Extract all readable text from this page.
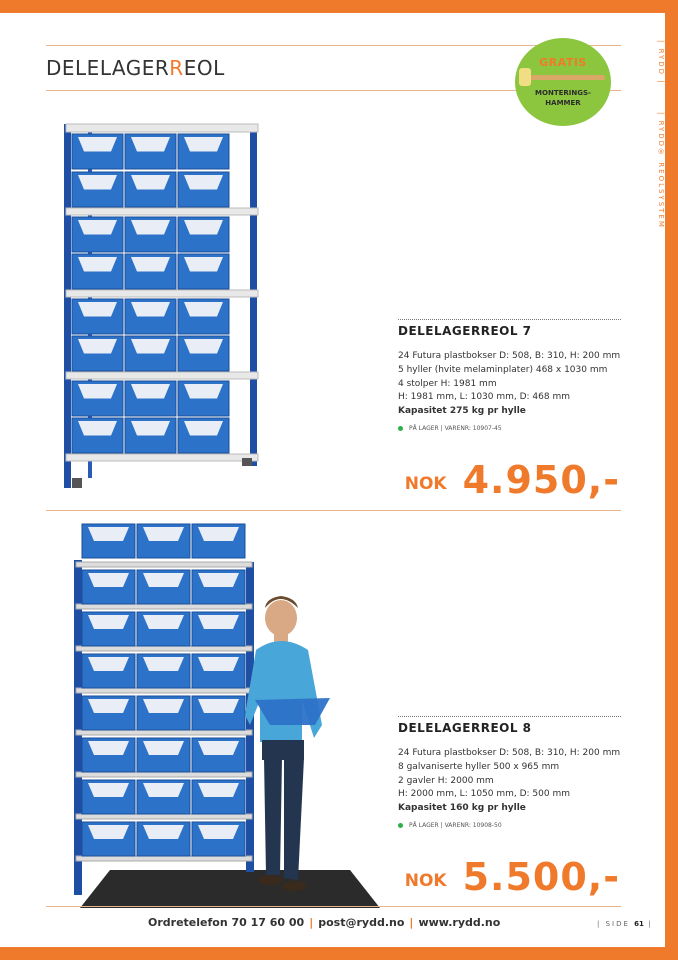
DELELAGERREOL	GRATIS
MONTERINGS-
HAMMER
| RYDD |
| RYDD® REOLSYSTEM
DELELAGERREOL 7
24 Futura plastbokser D: 508, B: 310, H: 200 mm
5 hyller (hvite melaminplater) 468 x 1030 mm
4 stolper H: 1981 mm
H: 1981 mm, L: 1030 mm, D: 468 mm
Kapasitet 275 kg pr hylle
PÅ LAGER
| VARENR: 10907-45
NOK 4.950,-
DELELAGERREOL 8
24 Futura plastbokser D: 508, B: 310, H: 200 mm
8 galvaniserte hyller 500 x 965 mm
2 gavler H: 2000 mm
H: 2000 mm, L: 1050 mm, D: 500 mm
Kapasitet 160 kg pr hylle
PÅ LAGER
| VARENR: 10908-50
NOK 5.500,-
Ordretelefon 70 17 60 00 | post@rydd.no | www.rydd.no	| SIDE 61 |
